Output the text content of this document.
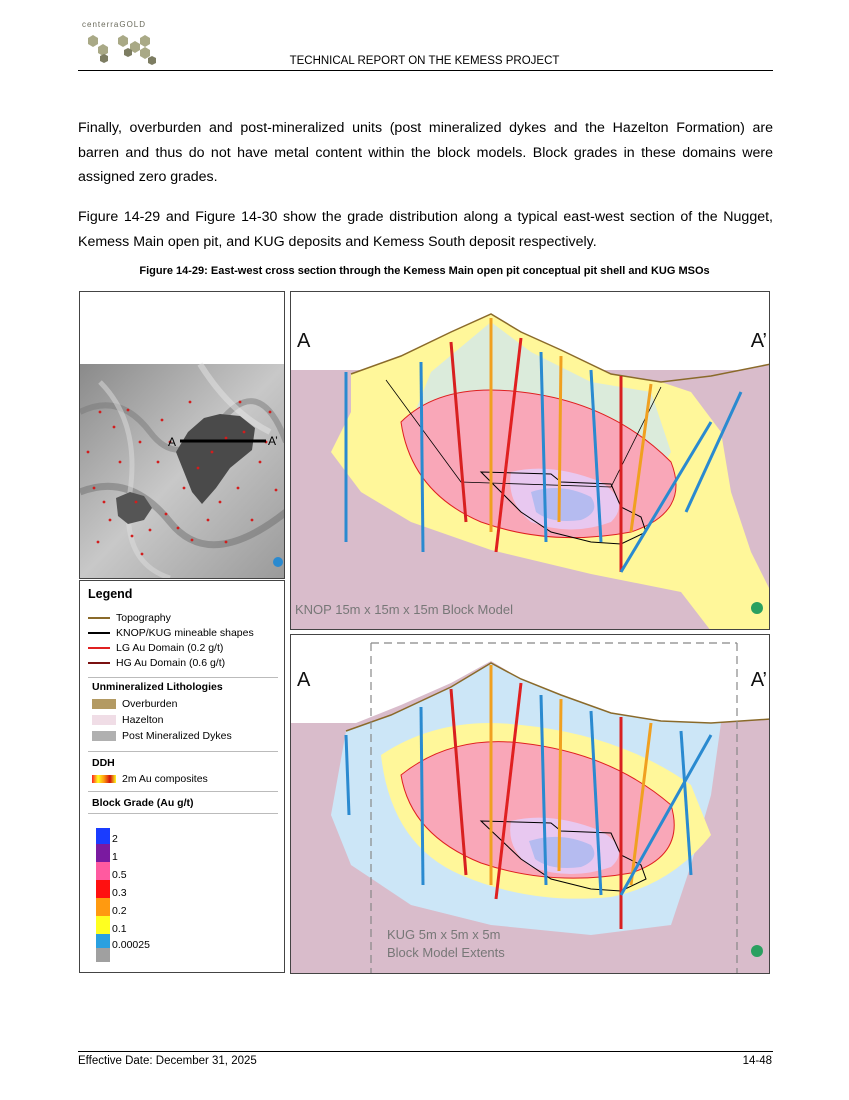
centerraGOLD
TECHNICAL REPORT ON THE KEMESS PROJECT
Finally, overburden and post-mineralized units (post mineralized dykes and the Hazelton Formation) are barren and thus do not have metal content within the block models. Block grades in these domains were assigned zero grades.
Figure 14-29 and Figure 14-30 show the grade distribution along a typical east-west section of the Nugget, Kemess Main open pit, and KUG deposits and Kemess South deposit respectively.
Figure 14-29: East-west cross section through the Kemess Main open pit conceptual pit shell and KUG MSOs
A	A’
A	A’
KNOP 15m x 15m x 15m Block Model
A	A’
KUG 5m x 5m x 5m
Block Model Extents
Legend
Topography
KNOP/KUG mineable shapes
LG Au Domain (0.2 g/t)
HG Au Domain (0.6 g/t)
Unmineralized Lithologies
Overburden
Hazelton
Post Mineralized Dykes
DDH
2m Au composites
Block Grade (Au g/t)
2
1
0.5
0.3
0.2
0.1
0.00025
Effective Date: December 31, 2025	14-48
